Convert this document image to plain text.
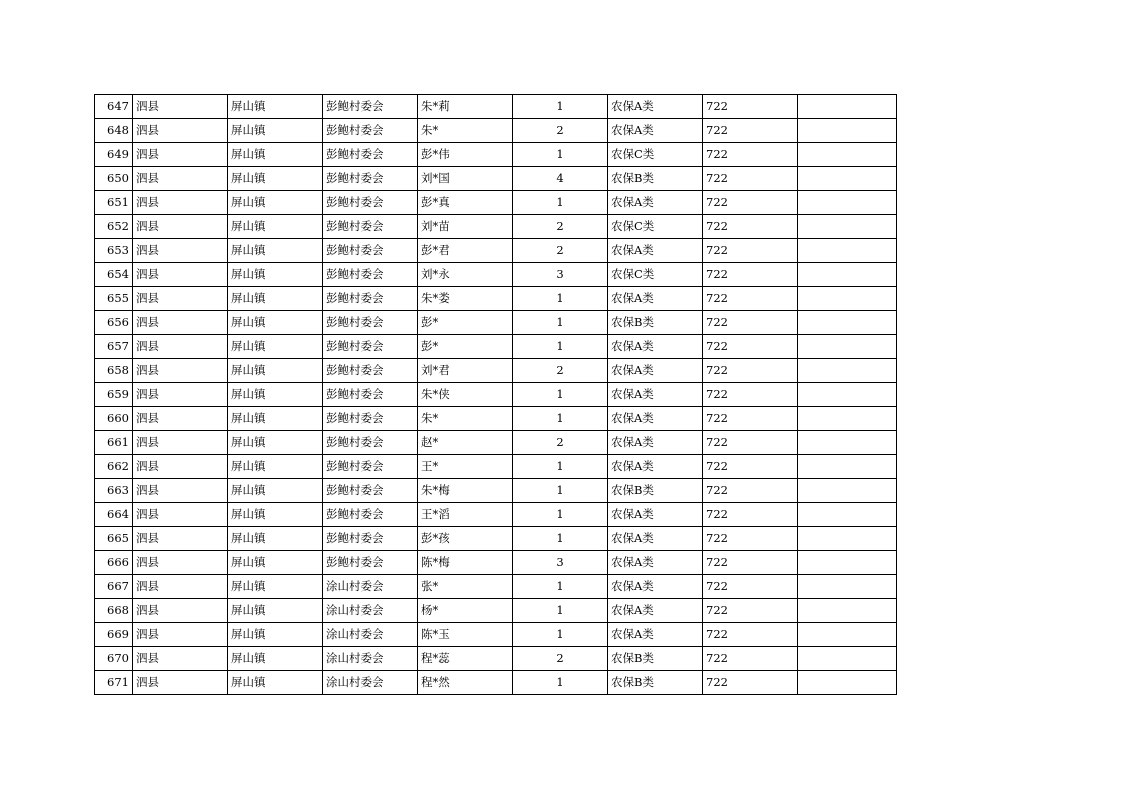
647	泗县	屏山镇	彭鲍村委会	朱*莉	1	农保A类	722	
648	泗县	屏山镇	彭鲍村委会	朱*	2	农保A类	722	
649	泗县	屏山镇	彭鲍村委会	彭*伟	1	农保C类	722	
650	泗县	屏山镇	彭鲍村委会	刘*国	4	农保B类	722	
651	泗县	屏山镇	彭鲍村委会	彭*真	1	农保A类	722	
652	泗县	屏山镇	彭鲍村委会	刘*苗	2	农保C类	722	
653	泗县	屏山镇	彭鲍村委会	彭*君	2	农保A类	722	
654	泗县	屏山镇	彭鲍村委会	刘*永	3	农保C类	722	
655	泗县	屏山镇	彭鲍村委会	朱*娄	1	农保A类	722	
656	泗县	屏山镇	彭鲍村委会	彭*	1	农保B类	722	
657	泗县	屏山镇	彭鲍村委会	彭*	1	农保A类	722	
658	泗县	屏山镇	彭鲍村委会	刘*君	2	农保A类	722	
659	泗县	屏山镇	彭鲍村委会	朱*侠	1	农保A类	722	
660	泗县	屏山镇	彭鲍村委会	朱*	1	农保A类	722	
661	泗县	屏山镇	彭鲍村委会	赵*	2	农保A类	722	
662	泗县	屏山镇	彭鲍村委会	王*	1	农保A类	722	
663	泗县	屏山镇	彭鲍村委会	朱*梅	1	农保B类	722	
664	泗县	屏山镇	彭鲍村委会	王*滔	1	农保A类	722	
665	泗县	屏山镇	彭鲍村委会	彭*孩	1	农保A类	722	
666	泗县	屏山镇	彭鲍村委会	陈*梅	3	农保A类	722	
667	泗县	屏山镇	涂山村委会	张*	1	农保A类	722	
668	泗县	屏山镇	涂山村委会	杨*	1	农保A类	722	
669	泗县	屏山镇	涂山村委会	陈*玉	1	农保A类	722	
670	泗县	屏山镇	涂山村委会	程*蕊	2	农保B类	722	
671	泗县	屏山镇	涂山村委会	程*然	1	农保B类	722	
